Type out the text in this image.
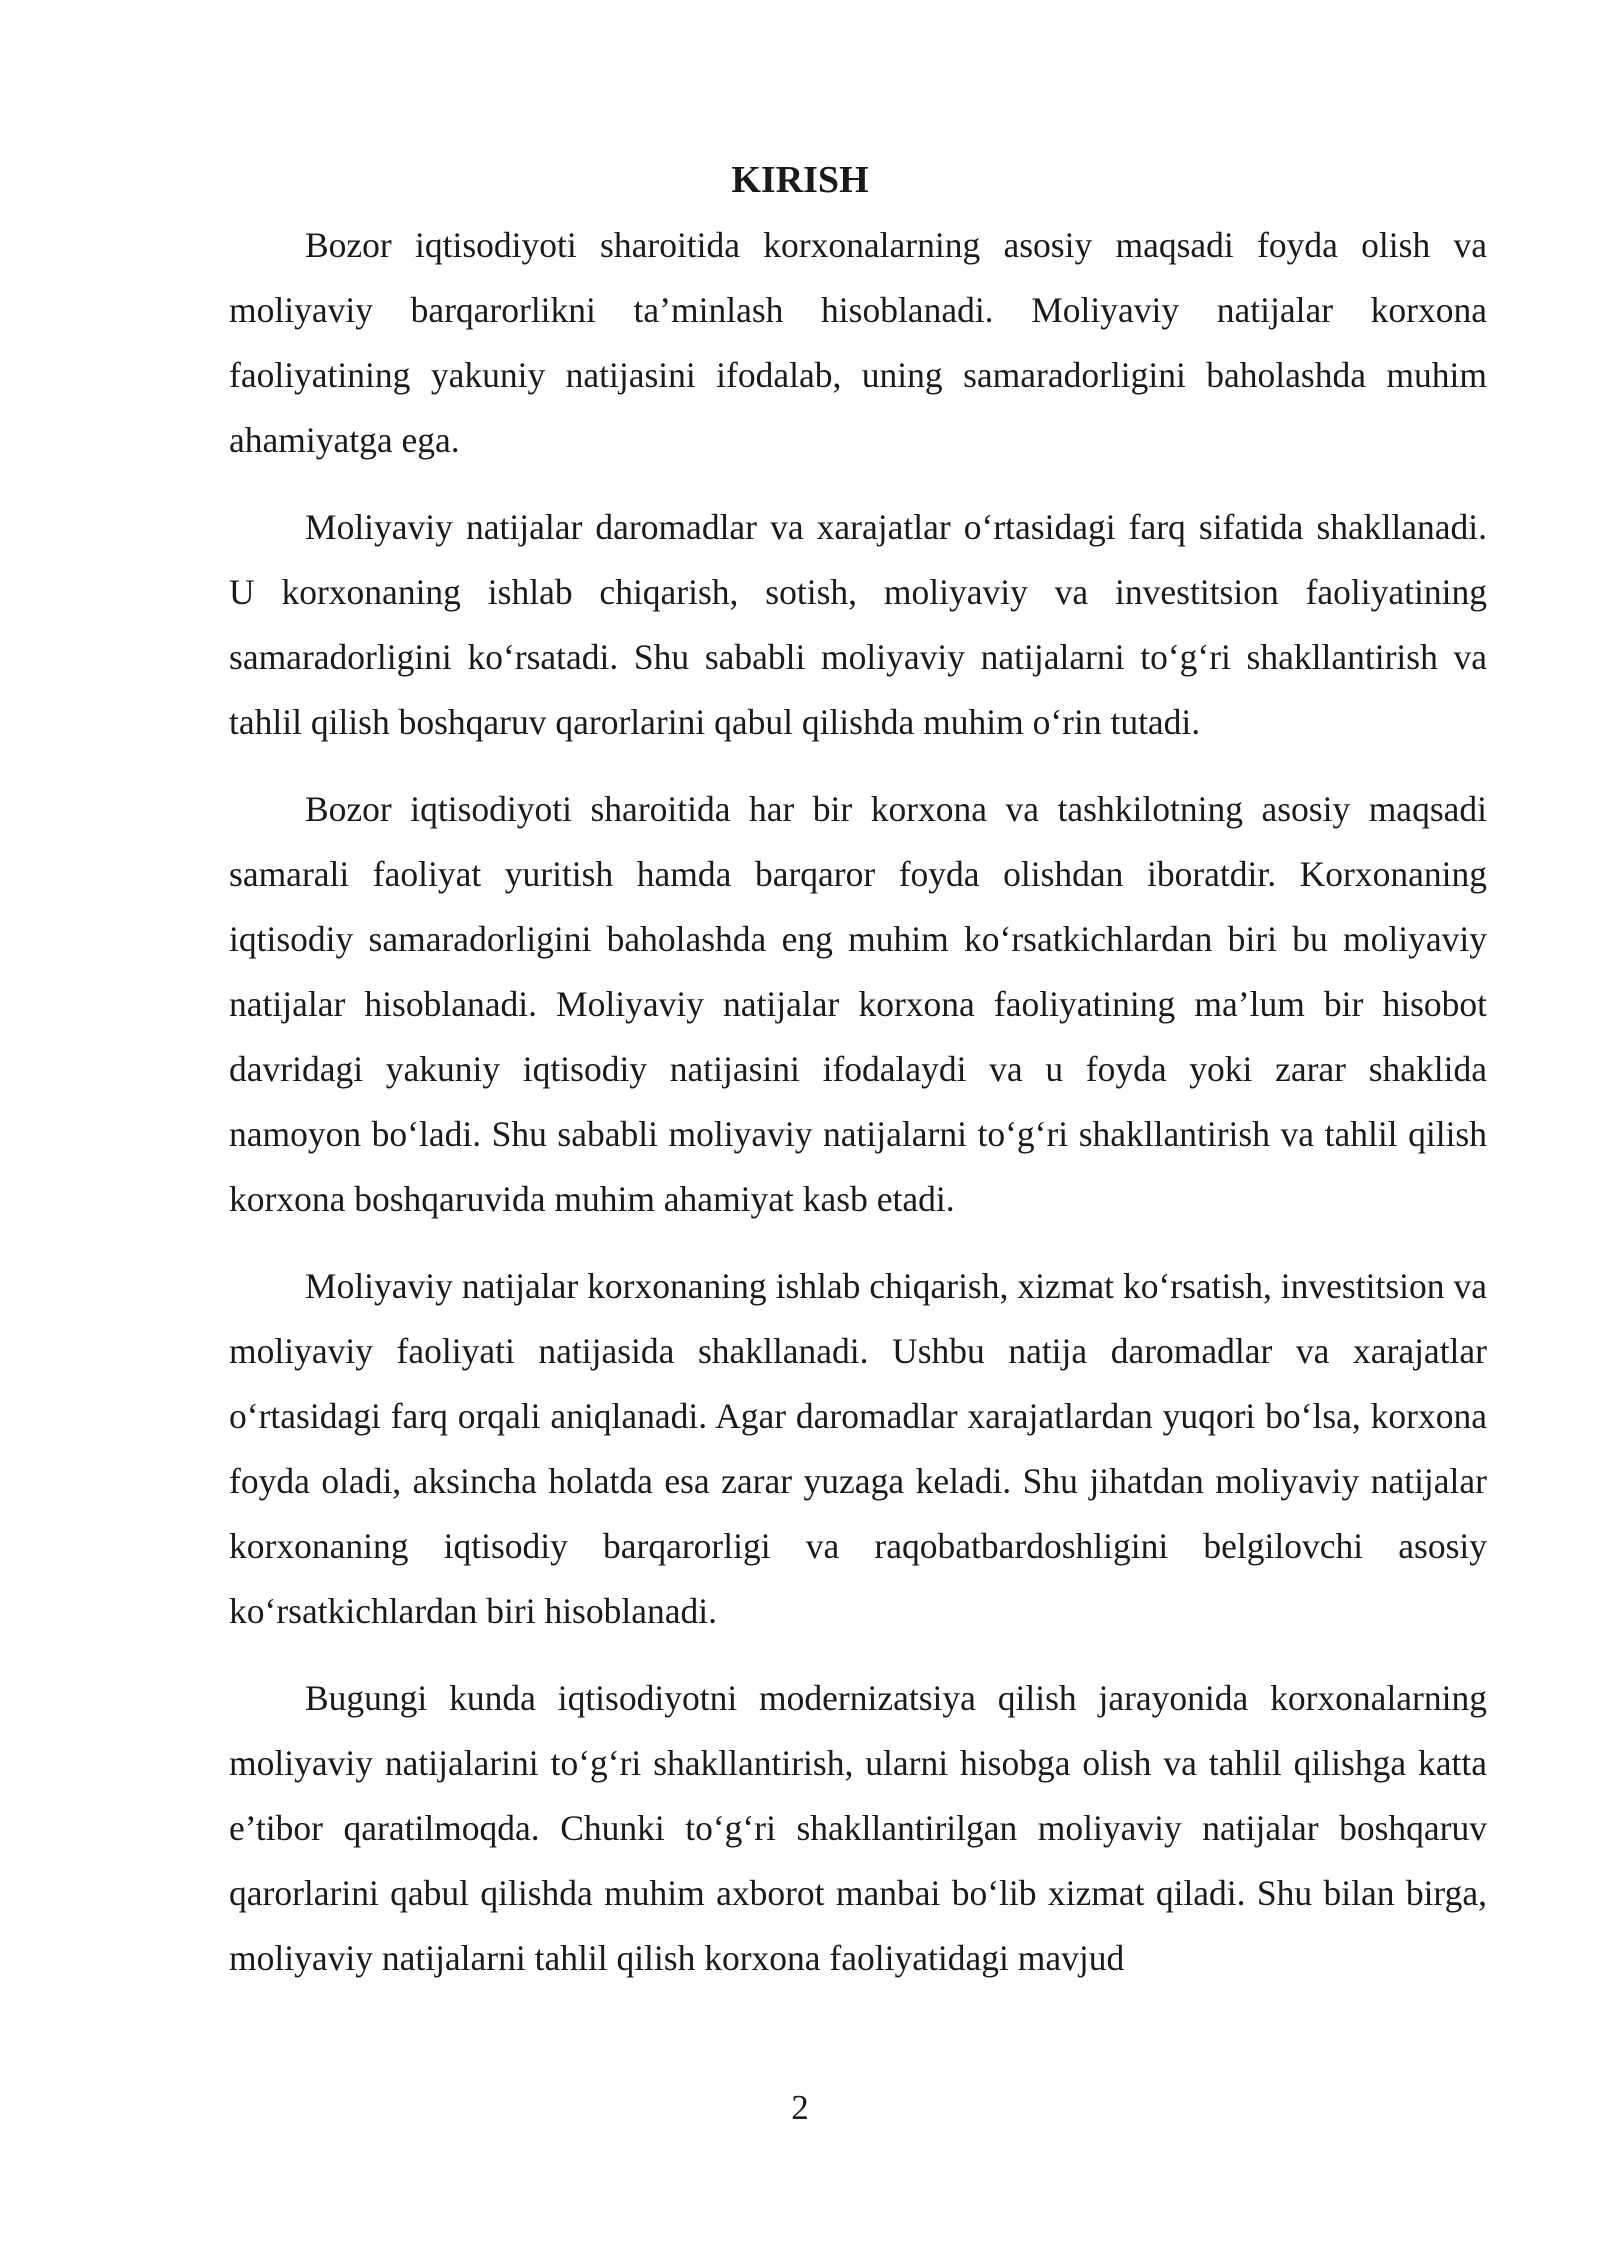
KIRISH

Bozor iqtisodiyoti sharoitida korxonalarning asosiy maqsadi foyda olish va moliyaviy barqarorlikni ta’minlash hisoblanadi. Moliyaviy natijalar korxona faoliyatining yakuniy natijasini ifodalab, uning samaradorligini baholashda muhim ahamiyatga ega.

Moliyaviy natijalar daromadlar va xarajatlar o‘rtasidagi farq sifatida shakllanadi. U korxonaning ishlab chiqarish, sotish, moliyaviy va investitsion faoliyatining samaradorligini ko‘rsatadi. Shu sababli moliyaviy natijalarni to‘g‘ri shakllantirish va tahlil qilish boshqaruv qarorlarini qabul qilishda muhim o‘rin tutadi.

Bozor iqtisodiyoti sharoitida har bir korxona va tashkilotning asosiy maqsadi samarali faoliyat yuritish hamda barqaror foyda olishdan iboratdir. Korxonaning iqtisodiy samaradorligini baholashda eng muhim ko‘rsatkichlardan biri bu moliyaviy natijalar hisoblanadi. Moliyaviy natijalar korxona faoliyatining ma’lum bir hisobot davridagi yakuniy iqtisodiy natijasini ifodalaydi va u foyda yoki zarar shaklida namoyon bo‘ladi. Shu sababli moliyaviy natijalarni to‘g‘ri shakllantirish va tahlil qilish korxona boshqaruvida muhim ahamiyat kasb etadi.

Moliyaviy natijalar korxonaning ishlab chiqarish, xizmat ko‘rsatish, investitsion va moliyaviy faoliyati natijasida shakllanadi. Ushbu natija daromadlar va xarajatlar o‘rtasidagi farq orqali aniqlanadi. Agar daromadlar xarajatlardan yuqori bo‘lsa, korxona foyda oladi, aksincha holatda esa zarar yuzaga keladi. Shu jihatdan moliyaviy natijalar korxonaning iqtisodiy barqarorligi va raqobatbardoshligini belgilovchi asosiy ko‘rsatkichlardan biri hisoblanadi.

Bugungi kunda iqtisodiyotni modernizatsiya qilish jarayonida korxonalarning moliyaviy natijalarini to‘g‘ri shakllantirish, ularni hisobga olish va tahlil qilishga katta e’tibor qaratilmoqda. Chunki to‘g‘ri shakllantirilgan moliyaviy natijalar boshqaruv qarorlarini qabul qilishda muhim axborot manbai bo‘lib xizmat qiladi. Shu bilan birga, moliyaviy natijalarni tahlil qilish korxona faoliyatidagi mavjud

2
